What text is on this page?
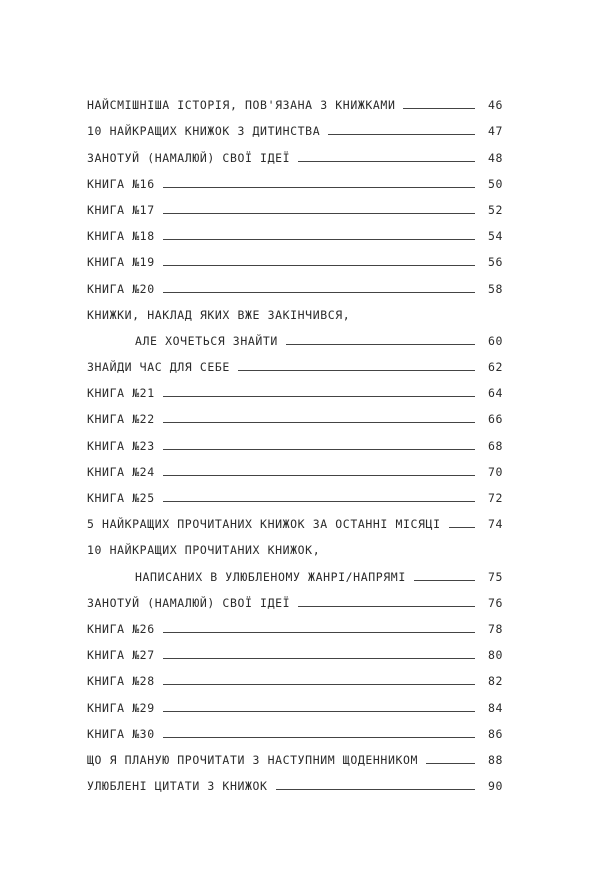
НАЙСМІШНІША ІСТОРІЯ, ПОВ'ЯЗАНА З КНИЖКАМИ	46
10 НАЙКРАЩИХ КНИЖОК З ДИТИНСТВА	47
ЗАНОТУЙ (НАМАЛЮЙ) СВОЇ ІДЕЇ	48
КНИГА №16	50
КНИГА №17	52
КНИГА №18	54
КНИГА №19	56
КНИГА №20	58
КНИЖКИ, НАКЛАД ЯКИХ ВЖЕ ЗАКІНЧИВСЯ,
АЛЕ ХОЧЕТЬСЯ ЗНАЙТИ	60
ЗНАЙДИ ЧАС ДЛЯ СЕБЕ	62
КНИГА №21	64
КНИГА №22	66
КНИГА №23	68
КНИГА №24	70
КНИГА №25	72
5 НАЙКРАЩИХ ПРОЧИТАНИХ КНИЖОК ЗА ОСТАННІ МІСЯЦІ	74
10 НАЙКРАЩИХ ПРОЧИТАНИХ КНИЖОК,
НАПИСАНИХ В УЛЮБЛЕНОМУ ЖАНРІ/НАПРЯМІ	75
ЗАНОТУЙ (НАМАЛЮЙ) СВОЇ ІДЕЇ	76
КНИГА №26	78
КНИГА №27	80
КНИГА №28	82
КНИГА №29	84
КНИГА №30	86
ЩО Я ПЛАНУЮ ПРОЧИТАТИ З НАСТУПНИМ ЩОДЕННИКОМ	88
УЛЮБЛЕНІ ЦИТАТИ З КНИЖОК	90
